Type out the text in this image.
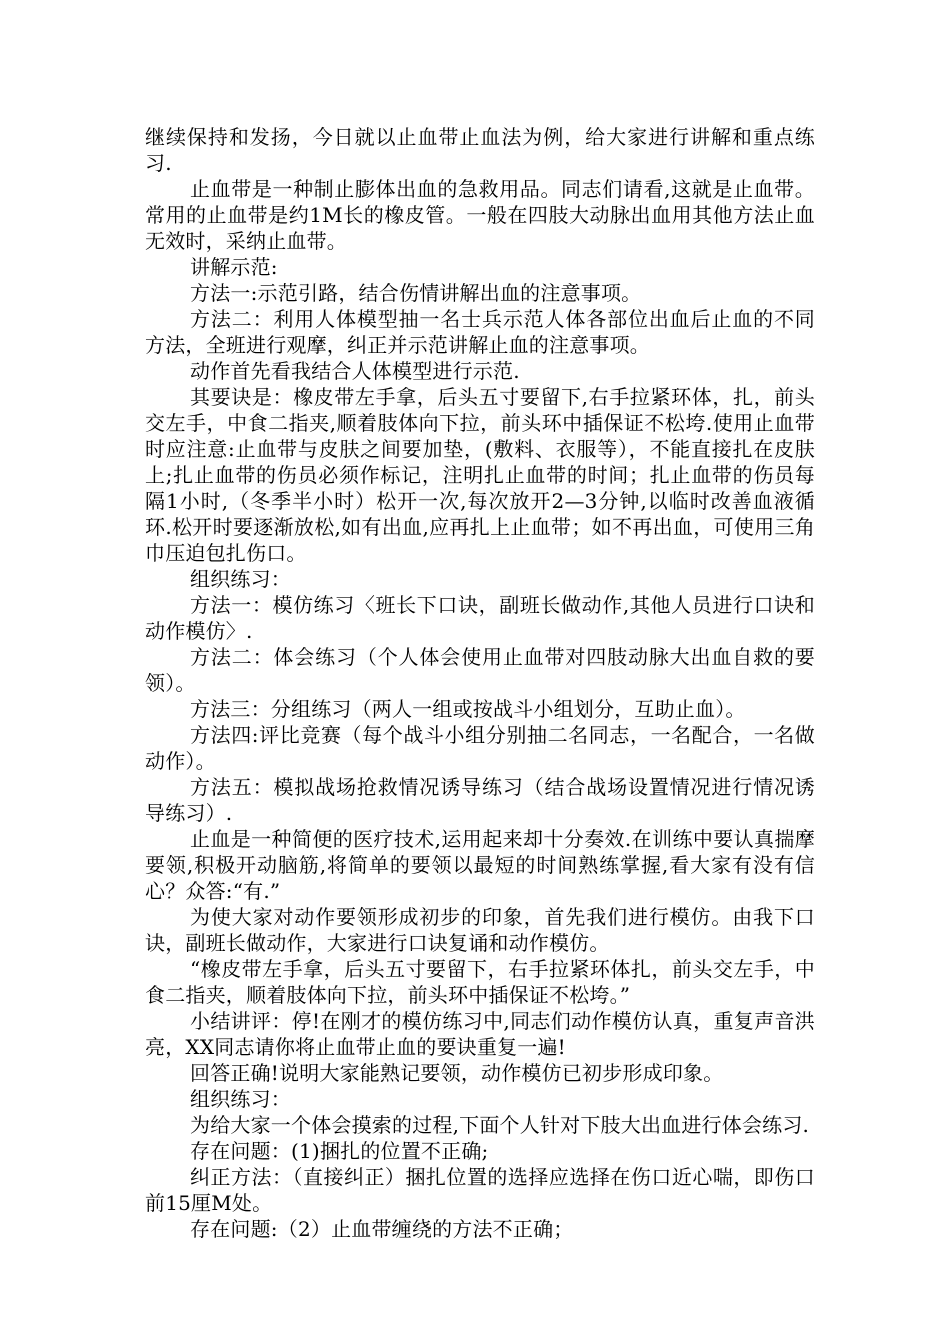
继续保持和发扬，今日就以止血带止血法为例，给大家进行讲解和重点练习.

止血带是一种制止膨体出血的急救用品。同志们请看,这就是止血带。常用的止血带是约1M长的橡皮管。一般在四肢大动脉出血用其他方法止血无效时，采纳止血带。

讲解示范:

方法一:示范引路，结合伤情讲解出血的注意事项。

方法二：利用人体模型抽一名士兵示范人体各部位出血后止血的不同方法，全班进行观摩，纠正并示范讲解止血的注意事项。

动作首先看我结合人体模型进行示范.

其要诀是：橡皮带左手拿，后头五寸要留下,右手拉紧环体，扎，前头交左手，中食二指夹,顺着肢体向下拉，前头环中插保证不松垮.使用止血带时应注意:止血带与皮肤之间要加垫，(敷料、衣服等），不能直接扎在皮肤上;扎止血带的伤员必须作标记，注明扎止血带的时间；扎止血带的伤员每隔1小时,（冬季半小时）松开一次,每次放开2—3分钟,以临时改善血液循环.松开时要逐渐放松,如有出血,应再扎上止血带；如不再出血，可使用三角巾压迫包扎伤口。

组织练习：

方法一：模仿练习〈班长下口诀，副班长做动作,其他人员进行口诀和动作模仿〉.

方法二：体会练习（个人体会使用止血带对四肢动脉大出血自救的要领）。

方法三：分组练习（两人一组或按战斗小组划分，互助止血）。

方法四:评比竞赛（每个战斗小组分别抽二名同志，一名配合，一名做动作）。

方法五：模拟战场抢救情况诱导练习（结合战场设置情况进行情况诱导练习）.

止血是一种简便的医疗技术,运用起来却十分奏效.在训练中要认真揣摩要领,积极开动脑筋,将简单的要领以最短的时间熟练掌握,看大家有没有信心？众答:“有.”

为使大家对动作要领形成初步的印象，首先我们进行模仿。由我下口诀，副班长做动作，大家进行口诀复诵和动作模仿。

“橡皮带左手拿，后头五寸要留下，右手拉紧环体扎，前头交左手，中食二指夹，顺着肢体向下拉，前头环中插保证不松垮。”

小结讲评：停!在刚才的模仿练习中,同志们动作模仿认真，重复声音洪亮，XX同志请你将止血带止血的要诀重复一遍!

回答正确!说明大家能熟记要领，动作模仿已初步形成印象。

组织练习：

为给大家一个体会摸索的过程,下面个人针对下肢大出血进行体会练习.

存在问题：(1)捆扎的位置不正确;

纠正方法：（直接纠正）捆扎位置的选择应选择在伤口近心喘，即伤口前15厘M处。

存在问题:（2）止血带缠绕的方法不正确；
